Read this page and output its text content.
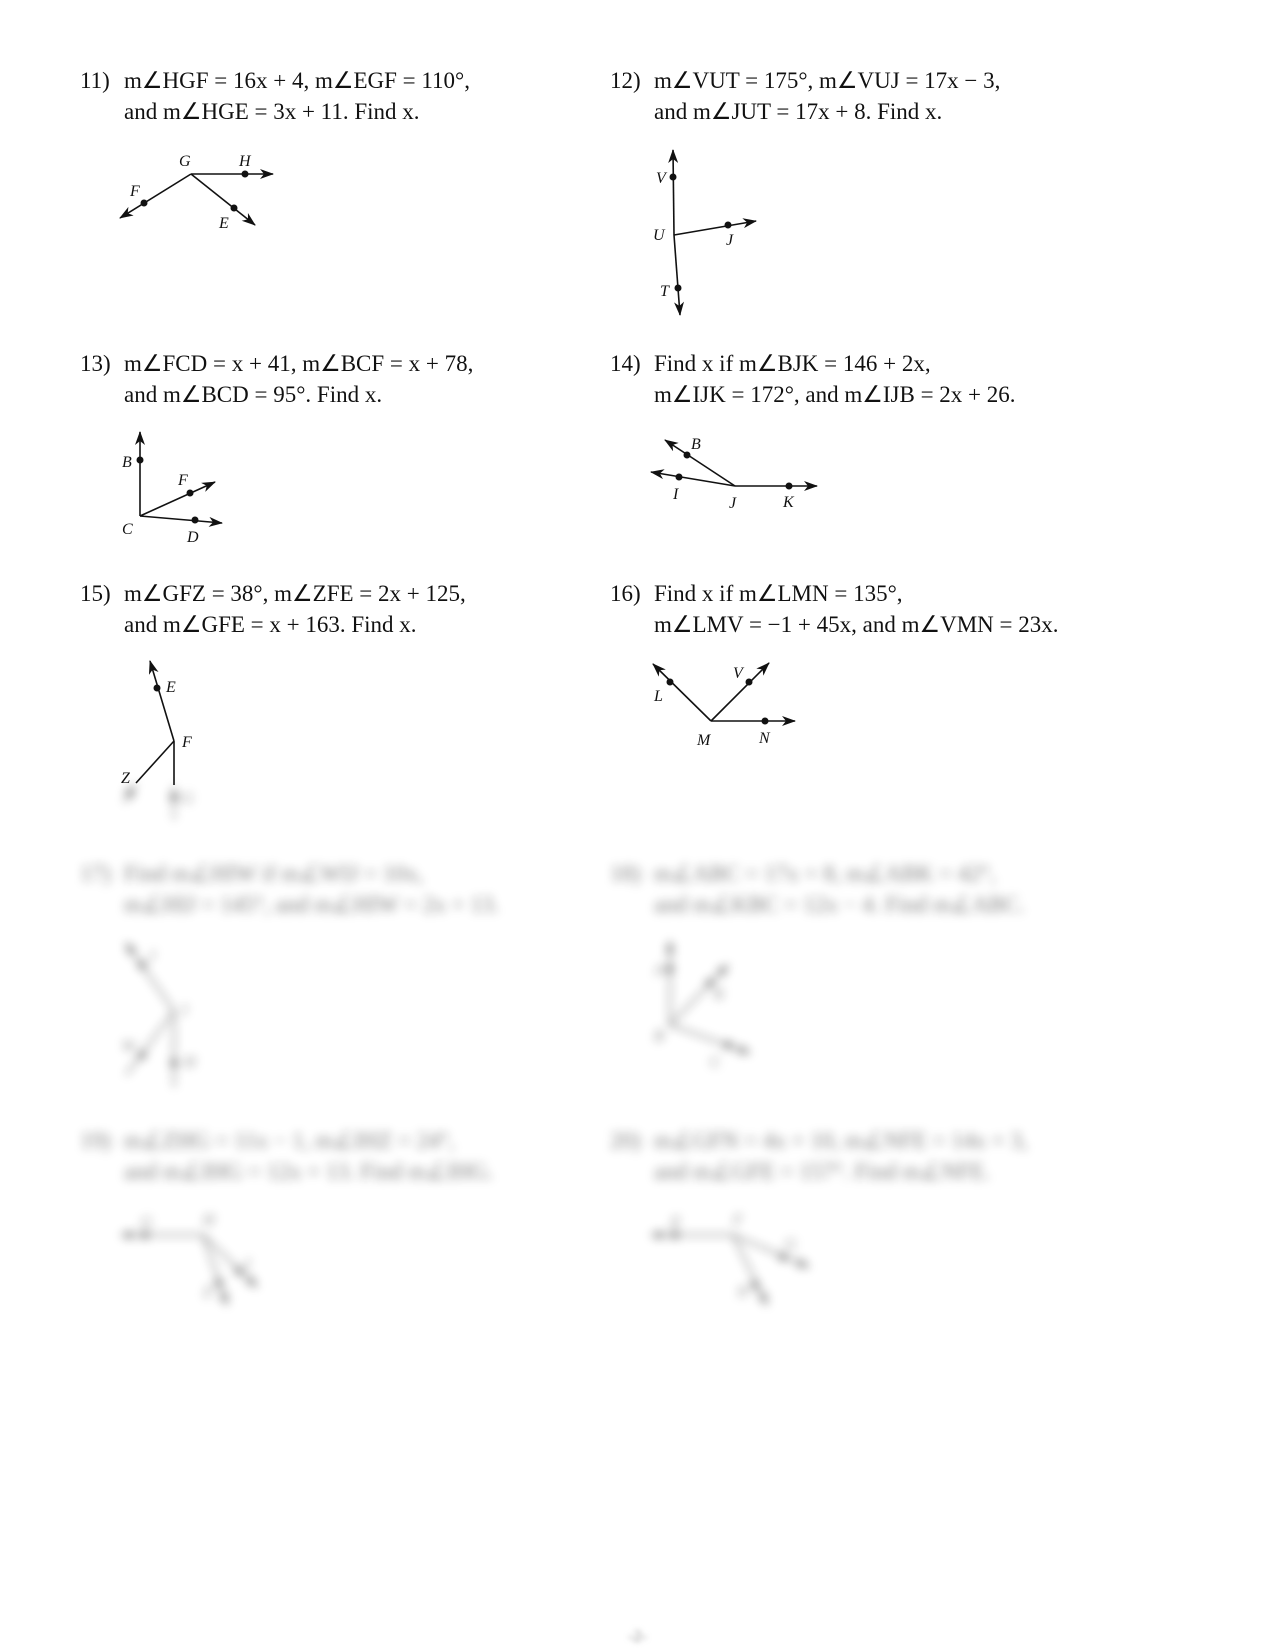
11) m∠HGF = 16x + 4, m∠EGF = 110°,
and m∠HGE = 3x + 11. Find x.
G	H
F
E
12) m∠VUT = 175°, m∠VUJ = 17x − 3,
and m∠JUT = 17x + 8. Find x.
V
U	J
T
13) m∠FCD = x + 41, m∠BCF = x + 78,
and m∠BCD = 95°. Find x.
B
F
C	D
14) Find x if m∠BJK = 146 + 2x,
m∠IJK = 172°, and m∠IJB = 2x + 26.
B
I
J	K
15) m∠GFZ = 38°, m∠ZFE = 2x + 125,
and m∠GFE = x + 163. Find x.
E
F
Z
G
16) Find x if m∠LMN = 135°,
m∠LMV = −1 + 45x, and m∠VMN = 23x.
V
L
M	N
17) Find m∠HIW if m∠WIJ = 10x,
m∠HIJ = 145°, and m∠HIW = 2x + 13.
J
I
W
H
18) m∠ABC = 17x + 8, m∠ABK = 42°,
and m∠KBC = 12x − 4. Find m∠ABC.
A
K
B
C
19) m∠ZHG = 11x − 1, m∠IHZ = 24°,
and m∠IHG = 12x + 13. Find m∠IHG.
G	H
I
Z
20) m∠GFN = 4x + 10, m∠NFE = 14x + 3,
and m∠GFE = 157°. Find m∠NFE.
E	F
G
N
-2-
